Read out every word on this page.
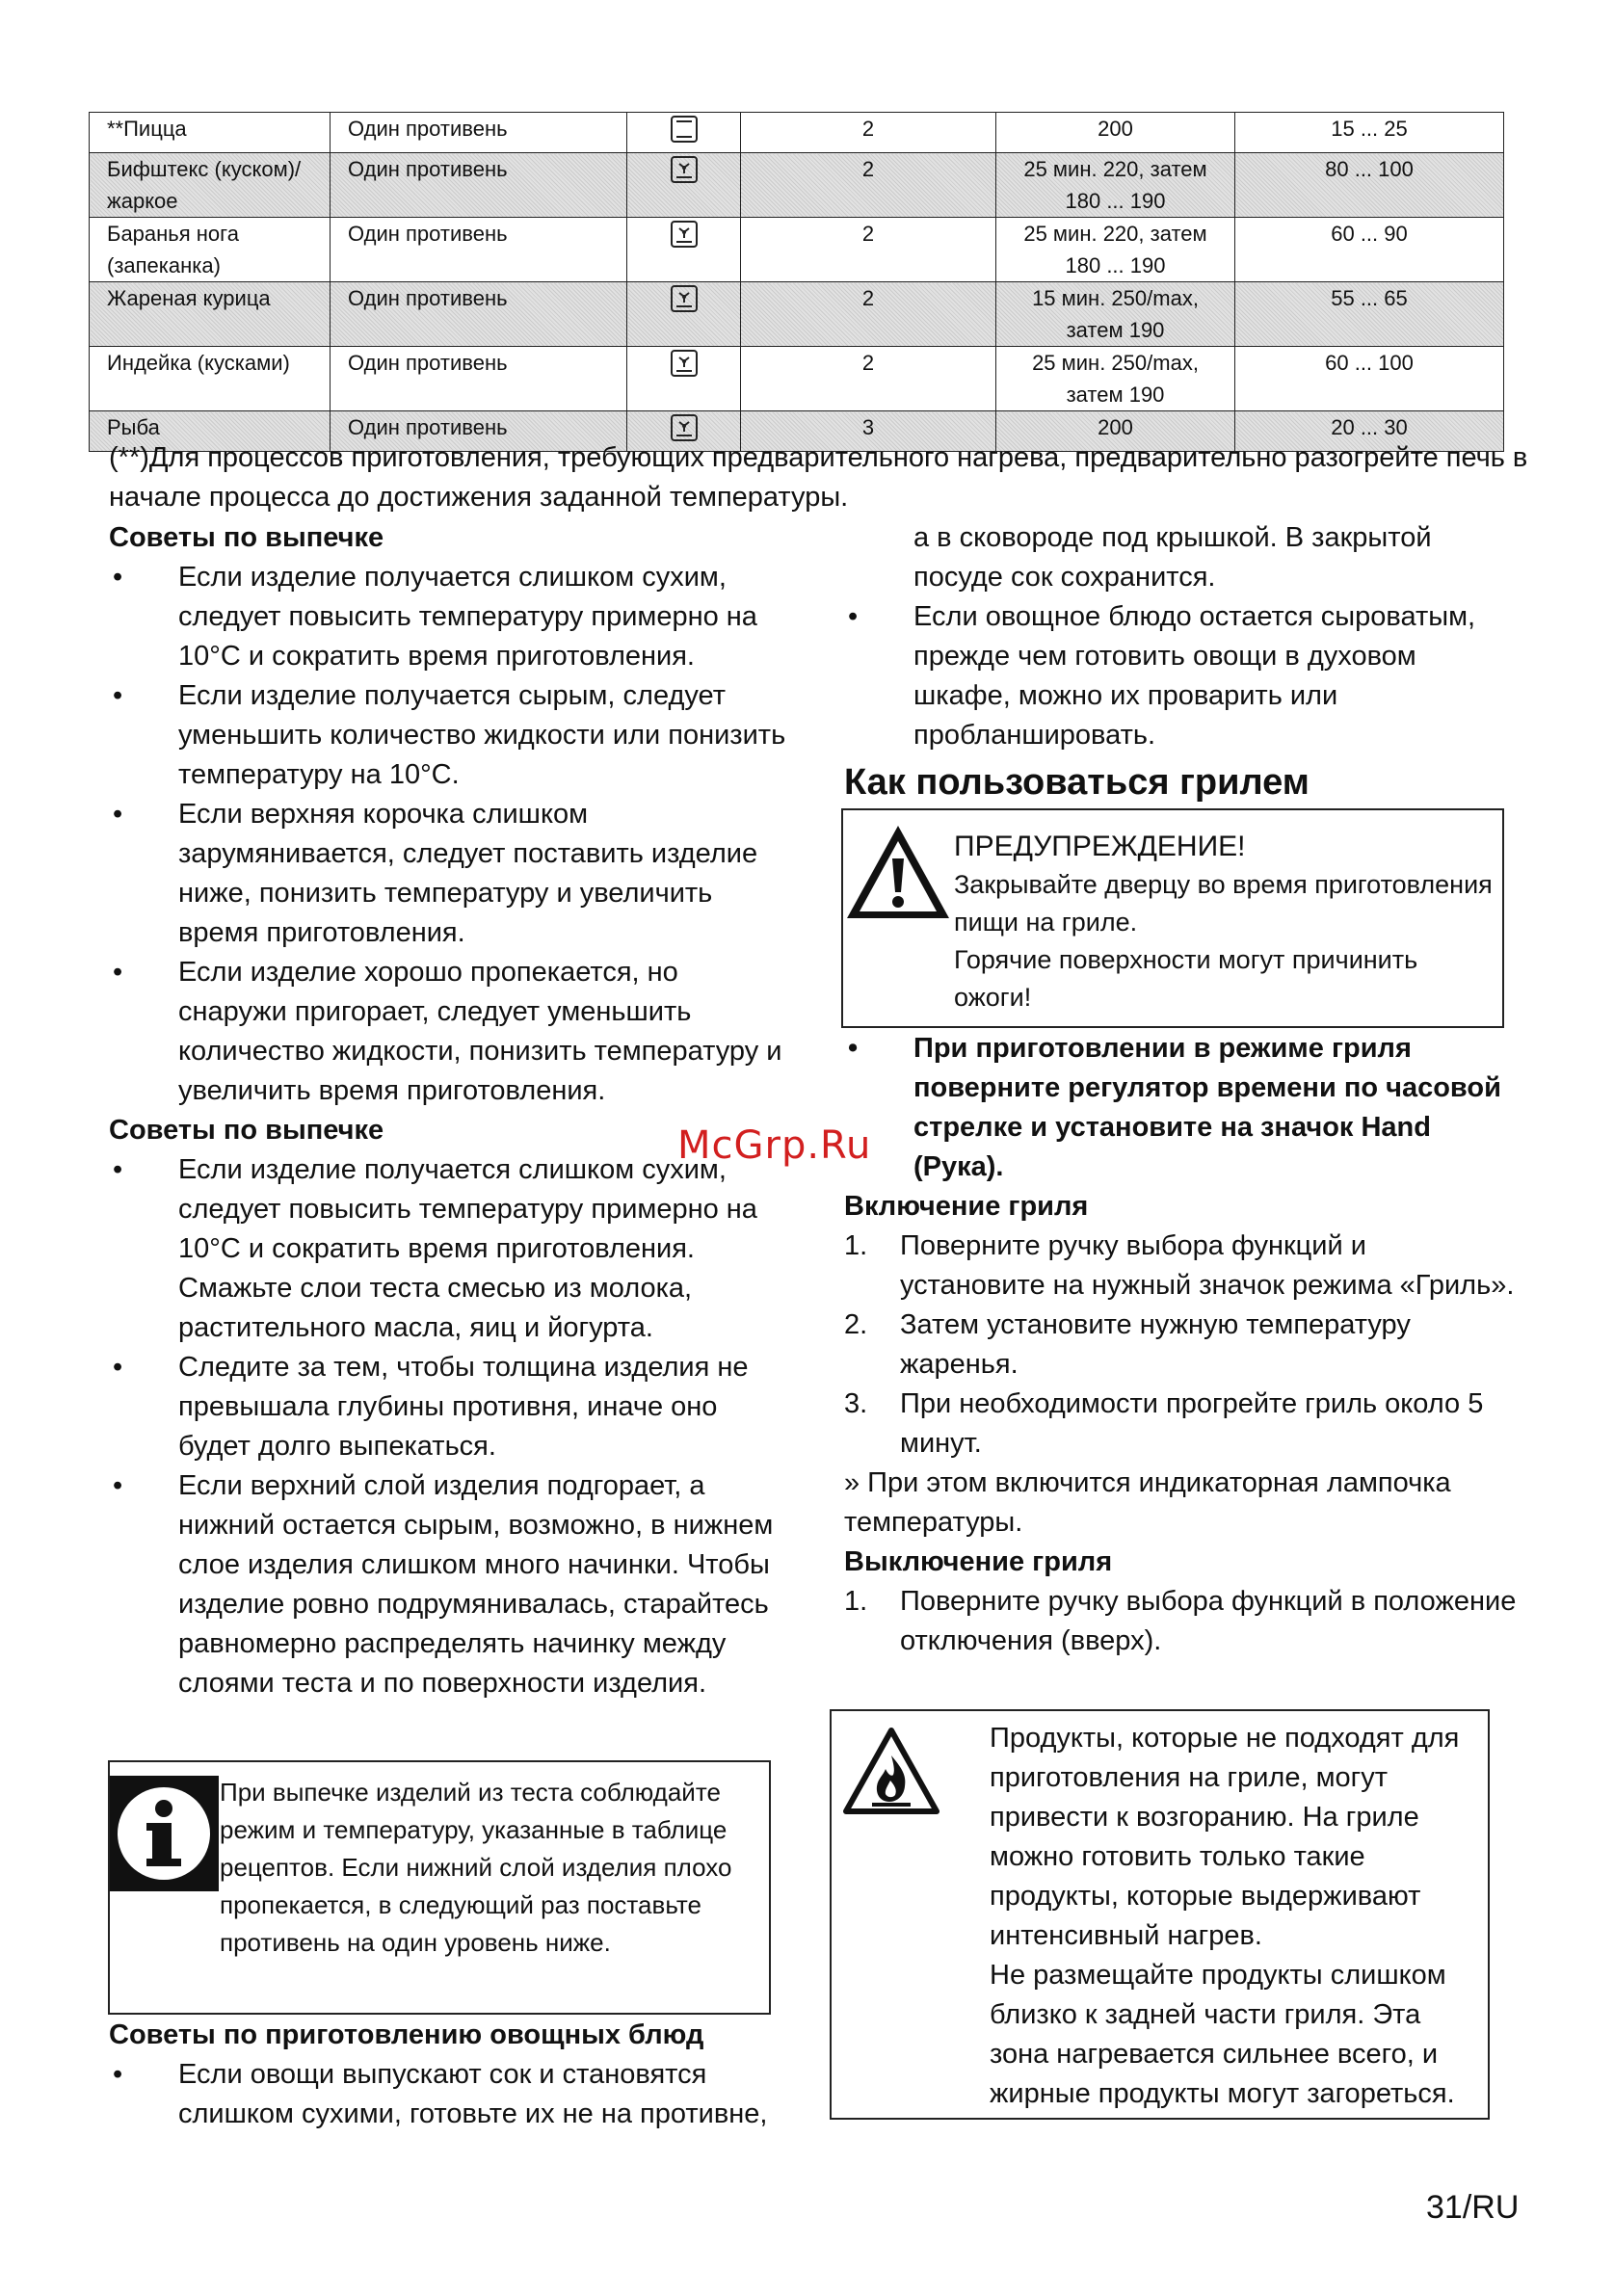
**Пицца	Один противень		2	200	15 ... 25
Бифштекс (куском)/жаркое	Один противень		2	25 мин. 220, затем 180 ... 190	80 ... 100
Баранья нога (запеканка)	Один противень		2	25 мин. 220, затем 180 ... 190	60 ... 90
Жареная курица	Один противень		2	15 мин. 250/max, затем 190	55 ... 65
Индейка (кусками)	Один противень		2	25 мин. 250/max, затем 190	60 ... 100
Рыба	Один противень		3	200	20 ... 30
(**)Для процессов приготовления, требующих предварительного нагрева, предварительно разогрейте печь в начале процесса до достижения заданной температуры.
Советы по выпечке
• Если изделие получается слишком сухим, следует повысить температуру примерно на 10°С и сократить время приготовления.
• Если изделие получается сырым, следует уменьшить количество жидкости или понизить температуру на 10°С.
• Если верхняя корочка слишком зарумянивается, следует поставить изделие ниже, понизить температуру и увеличить время приготовления.
• Если изделие хорошо пропекается, но снаружи пригорает, следует уменьшить количество жидкости, понизить температуру и увеличить время приготовления.
Советы по выпечке
• Если изделие получается слишком сухим, следует повысить температуру примерно на 10°С и сократить время приготовления. Смажьте слои теста смесью из молока, растительного масла, яиц и йогурта.
• Следите за тем, чтобы толщина изделия не превышала глубины противня, иначе оно будет долго выпекаться.
• Если верхний слой изделия подгорает, а нижний остается сырым, возможно, в нижнем слое изделия слишком много начинки. Чтобы изделие ровно подрумянивалась, старайтесь равномерно распределять начинку между слоями теста и по поверхности изделия.
При выпечке изделий из теста соблюдайте режим и температуру, указанные в таблице рецептов. Если нижний слой изделия плохо пропекается, в следующий раз поставьте противень на один уровень ниже.
Советы по приготовлению овощных блюд
• Если овощи выпускают сок и становятся слишком сухими, готовьте их не на противне,
а в сковороде под крышкой. В закрытой посуде сок сохранится.
• Если овощное блюдо остается сыроватым, прежде чем готовить овощи в духовом шкафе, можно их проварить или пробланшировать.
Как пользоваться грилем
ПРЕДУПРЕЖДЕНИЕ!
Закрывайте дверцу во время приготовления пищи на гриле.
Горячие поверхности могут причинить ожоги!
• При приготовлении в режиме гриля поверните регулятор времени по часовой стрелке и установите на значок Hand (Рука).
Включение гриля
1. Поверните ручку выбора функций и установите на нужный значок режима «Гриль».
2. Затем установите нужную температуру жаренья.
3. При необходимости прогрейте гриль около 5 минут.
» При этом включится индикаторная лампочка температуры.
Выключение гриля
1. Поверните ручку выбора функций в положение отключения (вверх).
Продукты, которые не подходят для приготовления на гриле, могут привести к возгоранию. На гриле можно готовить только такие продукты, которые выдерживают интенсивный нагрев.
Не размещайте продукты слишком близко к задней части гриля. Эта зона нагревается сильнее всего, и жирные продукты могут загореться.
McGrp.Ru
31/RU
